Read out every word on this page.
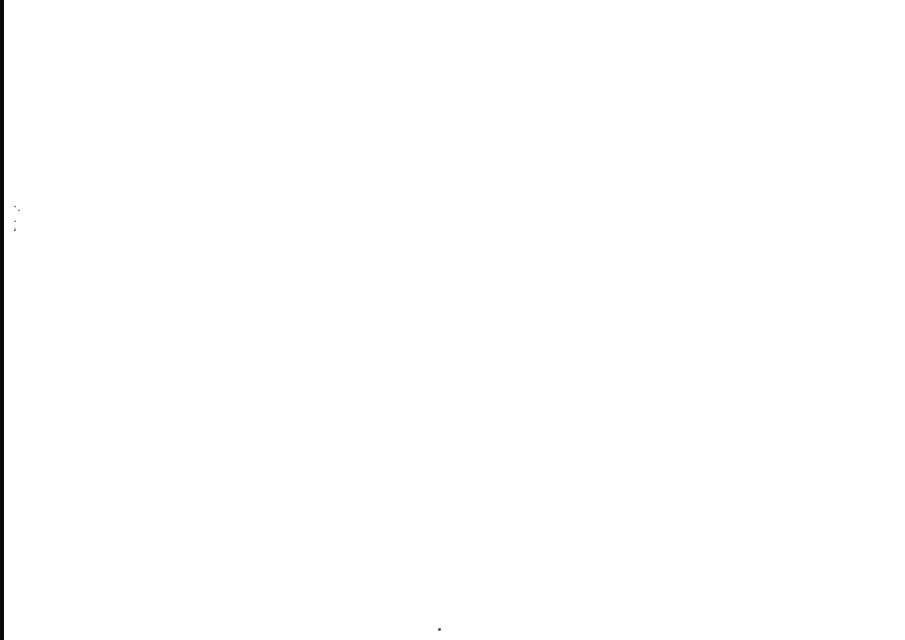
`·
·
‘
